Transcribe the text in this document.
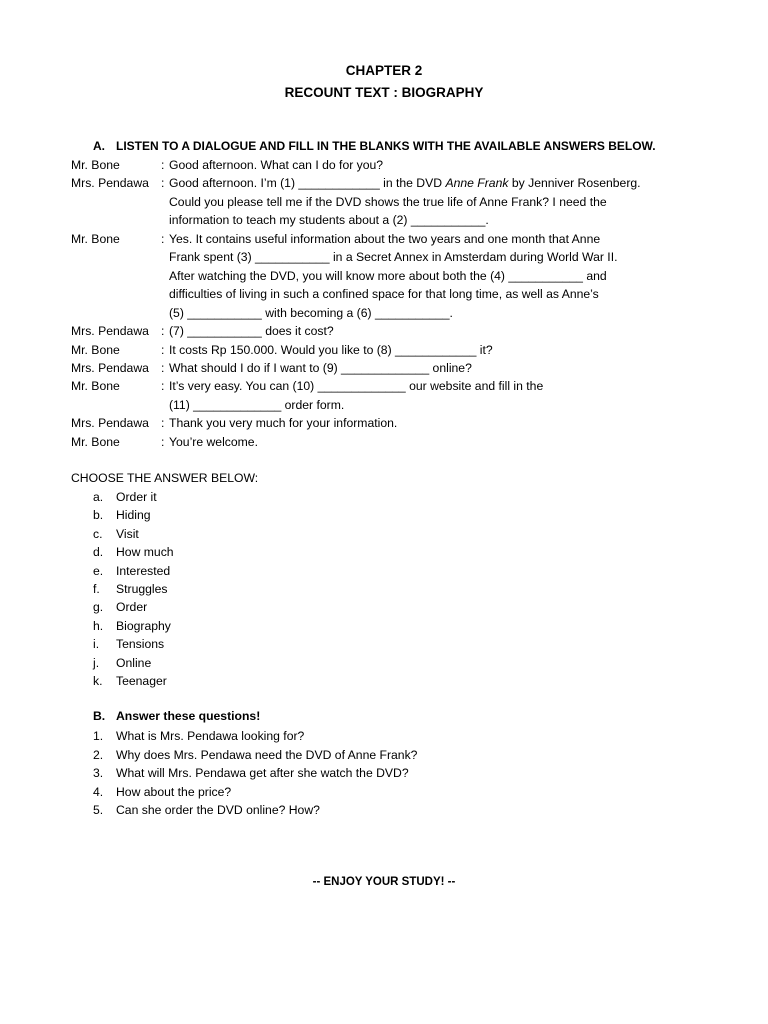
CHAPTER 2
RECOUNT TEXT : BIOGRAPHY
A. LISTEN TO A DIALOGUE AND FILL IN THE BLANKS WITH THE AVAILABLE ANSWERS BELOW.
Mr. Bone	: Good afternoon. What can I do for you?
Mrs. Pendawa : Good afternoon. I’m (1) ____________ in the DVD Anne Frank by Jenniver Rosenberg.
Could you please tell me if the DVD shows the true life of Anne Frank? I need the
information to teach my students about a (2) ___________.
Mr. Bone	: Yes. It contains useful information about the two years and one month that Anne
Frank spent (3) ___________ in a Secret Annex in Amsterdam during World War II.
After watching the DVD, you will know more about both the (4) ___________ and
difficulties of living in such a confined space for that long time, as well as Anne’s
(5) ___________ with becoming a (6) ___________.
Mrs. Pendawa : (7) ___________ does it cost?
Mr. Bone	: It costs Rp 150.000. Would you like to (8) ____________ it?
Mrs. Pendawa : What should I do if I want to (9) _____________ online?
Mr. Bone	: It’s very easy. You can (10) _____________ our website and fill in the
(11) _____________ order form.
Mrs. Pendawa : Thank you very much for your information.
Mr. Bone	: You’re welcome.
CHOOSE THE ANSWER BELOW:
a. Order it
b. Hiding
c. Visit
d. How much
e. Interested
f. Struggles
g. Order
h. Biography
i. Tensions
j. Online
k. Teenager
B. Answer these questions!
1. What is Mrs. Pendawa looking for?
2. Why does Mrs. Pendawa need the DVD of Anne Frank?
3. What will Mrs. Pendawa get after she watch the DVD?
4. How about the price?
5. Can she order the DVD online? How?
-- ENJOY YOUR STUDY! --
